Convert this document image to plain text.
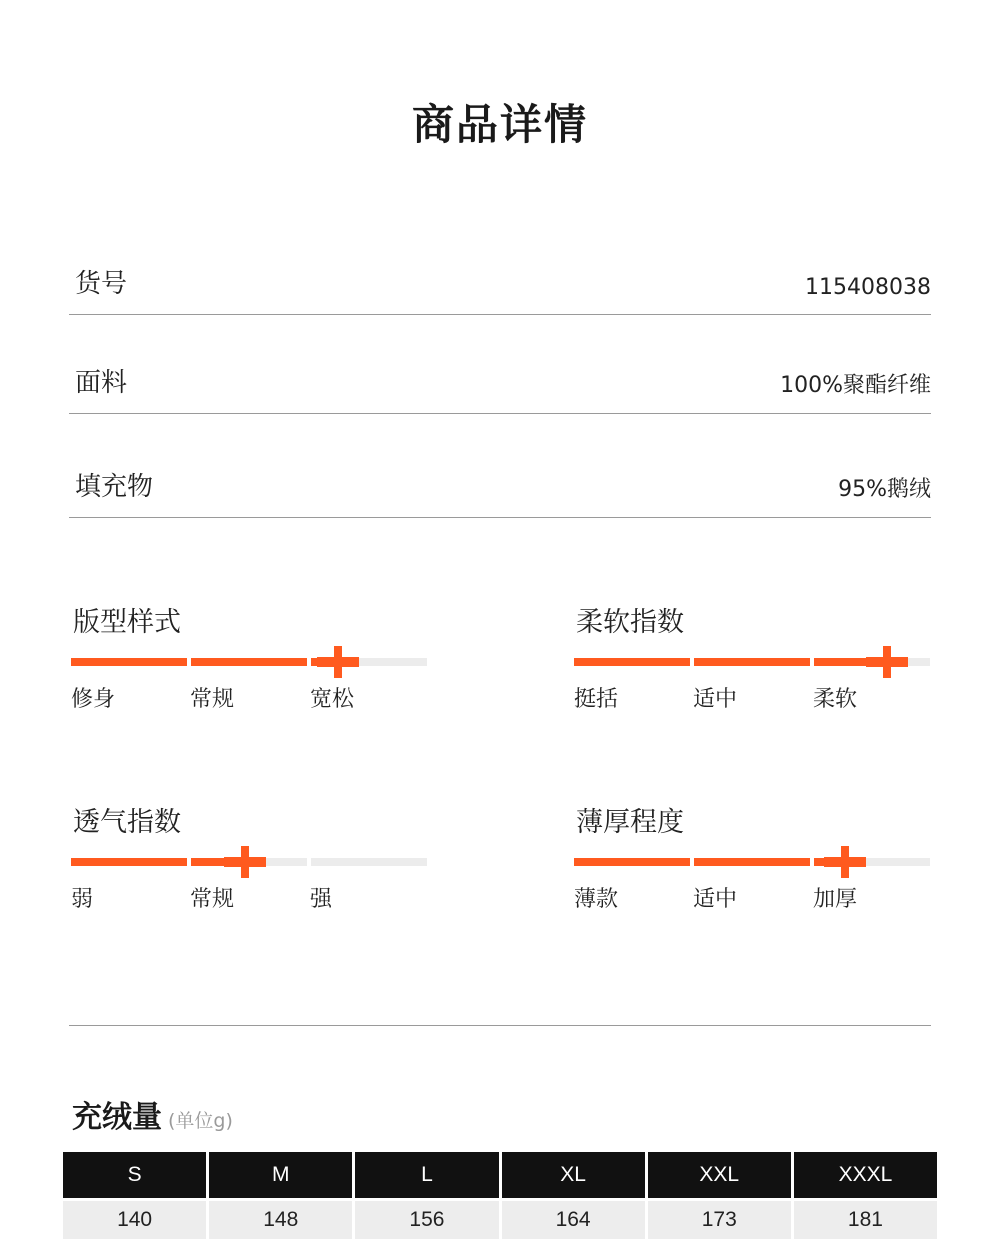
商品详情
货号	115408038
面料	100%聚酯纤维
填充物	95%鹅绒
版型样式
修身	常规	宽松
柔软指数
挺括	适中	柔软
透气指数
弱	常规	强
薄厚程度
薄款	适中	加厚
充绒量 (单位g)
S	M	L	XL	XXL	XXXL
140	148	156	164	173	181
